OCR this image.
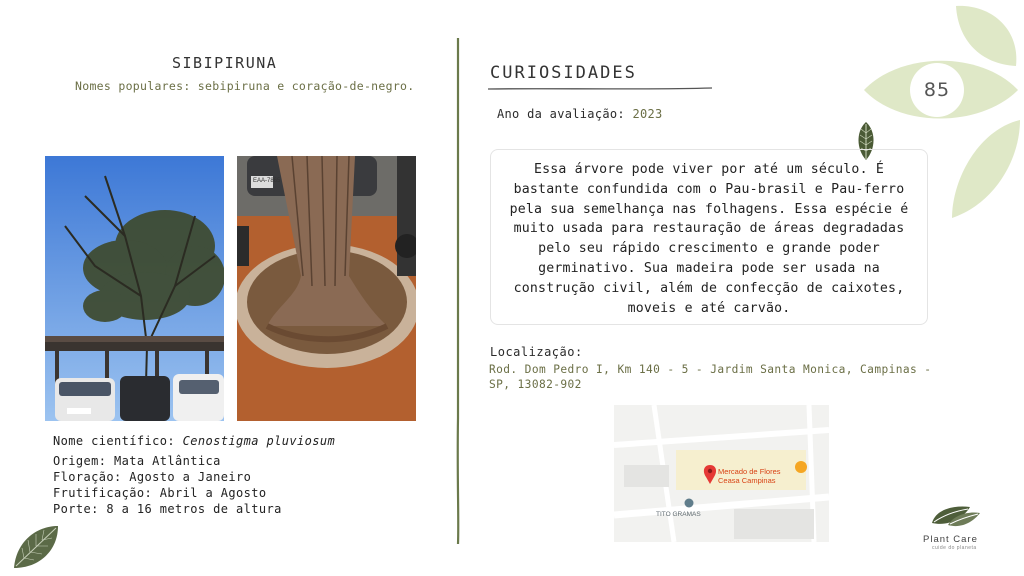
85
SIBIPIRUNA
Nomes populares: sebipiruna e coração-de-negro.
EAA-7865
Nome científico: Cenostigma pluviosum
Origem: Mata Atlântica
Floração: Agosto a Janeiro
Frutificação: Abril a Agosto
Porte: 8 a 16 metros de altura
CURIOSIDADES
Ano da avaliação: 2023

Essa árvore pode viver por até um século. É bastante confundida com o Pau-brasil e Pau-ferro pela sua semelhança nas folhagens. Essa espécie é muito usada para restauração de áreas degradadas pelo seu rápido crescimento e grande poder germinativo. Sua madeira pode ser usada na construção civil, além de confecção de caixotes, moveis e até carvão.

Localização:
Rod. Dom Pedro I, Km 140 - 5 - Jardim Santa Monica, Campinas - SP, 13082-902
Mercado de Flores
Ceasa Campinas
TITO GRAMAS
Plant Care
cuide do planeta
